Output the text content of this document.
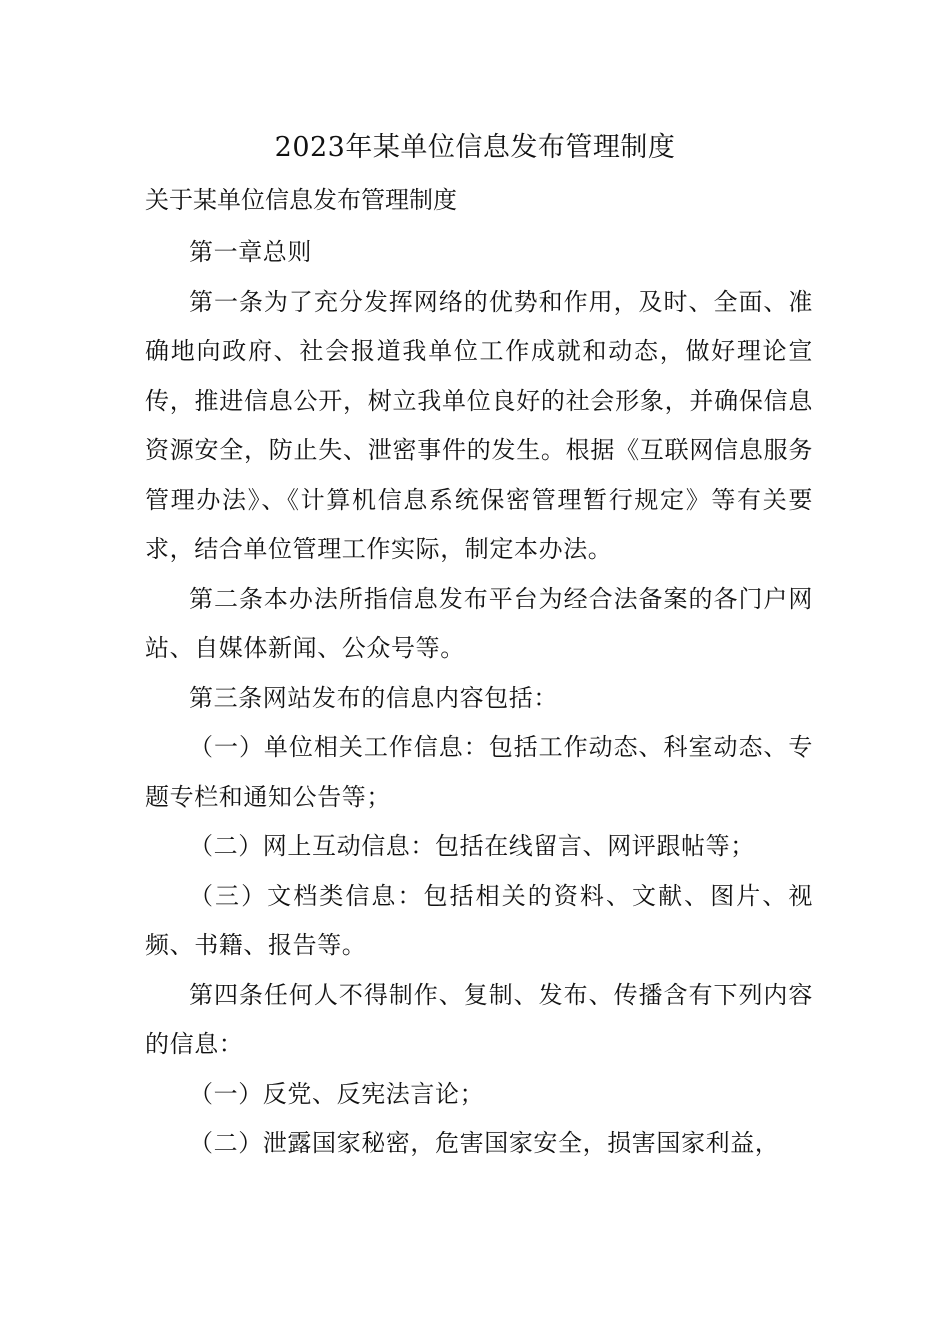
2023年某单位信息发布管理制度
关于某单位信息发布管理制度

第一章总则

第一条为了充分发挥网络的优势和作用，及时、全面、准确地向政府、社会报道我单位工作成就和动态，做好理论宣传，推进信息公开，树立我单位良好的社会形象，并确保信息资源安全，防止失、泄密事件的发生。根据《互联网信息服务管理办法》、《计算机信息系统保密管理暂行规定》等有关要求，结合单位管理工作实际，制定本办法。

第二条本办法所指信息发布平台为经合法备案的各门户网站、自媒体新闻、公众号等。

第三条网站发布的信息内容包括：

（一）单位相关工作信息：包括工作动态、科室动态、专题专栏和通知公告等；

（二）网上互动信息：包括在线留言、网评跟帖等；

（三）文档类信息：包括相关的资料、文献、图片、视频、书籍、报告等。

第四条任何人不得制作、复制、发布、传播含有下列内容的信息：

（一）反党、反宪法言论；

（二）泄露国家秘密，危害国家安全，损害国家利益，
